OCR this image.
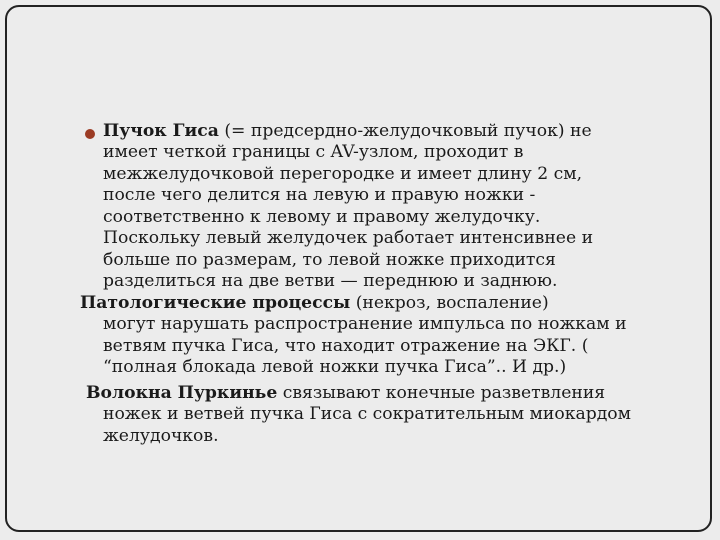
Пучок Гиса (= предсердно-желудочковый пучок) не
имеет четкой границы с AV-узлом, проходит в
межжелудочковой перегородке и имеет длину 2 см,
после чего делится на левую и правую ножки -
соответственно к левому и правому желудочку.
Поскольку левый желудочек работает интенсивнее и
больше по размерам, то левой ножке приходится
разделиться на две ветви — переднюю и заднюю.
Патологические процессы (некроз, воспаление)
могут нарушать распространение импульса по ножкам и
ветвям пучка Гиса, что находит отражение на ЭКГ. (
“полная блокада левой ножки пучка Гиса”.. И др.)
Волокна Пуркинье связывают конечные разветвления
ножек и ветвей пучка Гиса с сократительным миокардом
желудочков.
